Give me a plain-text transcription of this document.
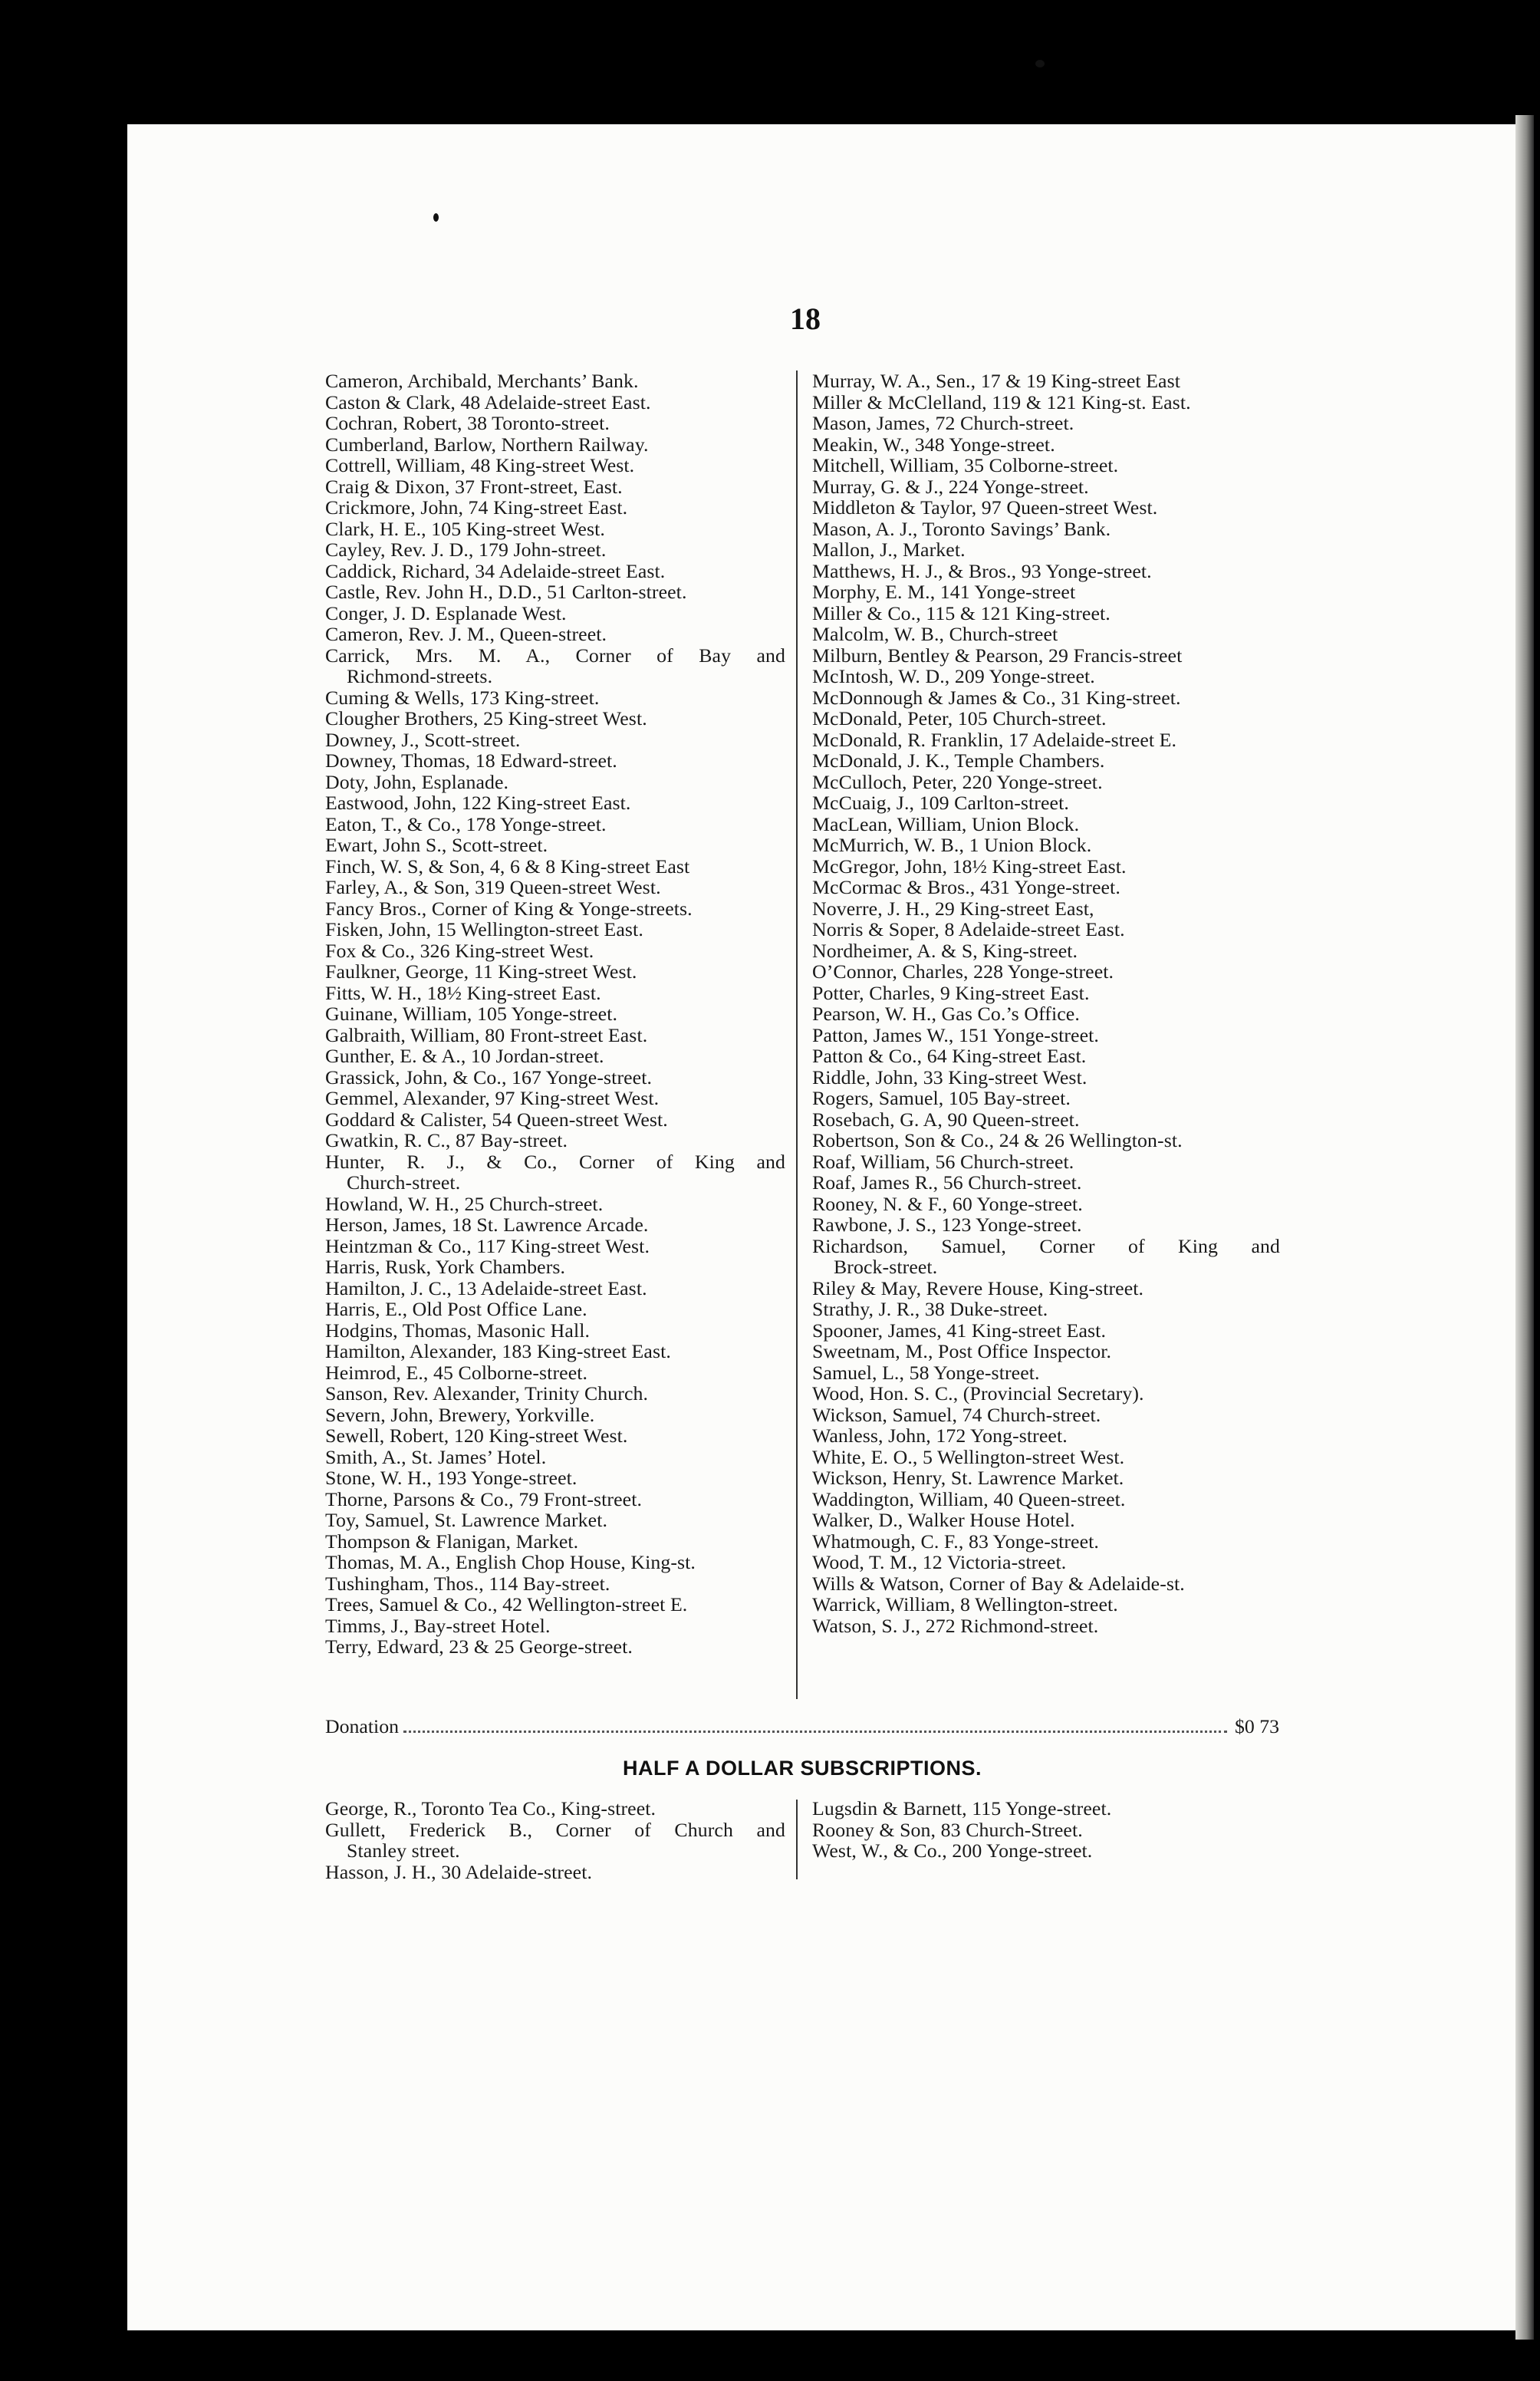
18
Cameron, Archibald, Merchants’ Bank.
Caston & Clark, 48 Adelaide-street East.
Cochran, Robert, 38 Toronto-street.
Cumberland, Barlow, Northern Railway.
Cottrell, William, 48 King-street West.
Craig & Dixon, 37 Front-street, East.
Crickmore, John, 74 King-street East.
Clark, H. E., 105 King-street West.
Cayley, Rev. J. D., 179 John-street.
Caddick, Richard, 34 Adelaide-street East.
Castle, Rev. John H., D.D., 51 Carlton-street.
Conger, J. D. Esplanade West.
Cameron, Rev. J. M., Queen-street.
Carrick, Mrs. M. A., Corner of Bay and
Richmond-streets.
Cuming & Wells, 173 King-street.
Clougher Brothers, 25 King-street West.
Downey, J., Scott-street.
Downey, Thomas, 18 Edward-street.
Doty, John, Esplanade.
Eastwood, John, 122 King-street East.
Eaton, T., & Co., 178 Yonge-street.
Ewart, John S., Scott-street.
Finch, W. S, & Son, 4, 6 & 8 King-street East
Farley, A., & Son, 319 Queen-street West.
Fancy Bros., Corner of King & Yonge-streets.
Fisken, John, 15 Wellington-street East.
Fox & Co., 326 King-street West.
Faulkner, George, 11 King-street West.
Fitts, W. H., 18½ King-street East.
Guinane, William, 105 Yonge-street.
Galbraith, William, 80 Front-street East.
Gunther, E. & A., 10 Jordan-street.
Grassick, John, & Co., 167 Yonge-street.
Gemmel, Alexander, 97 King-street West.
Goddard & Calister, 54 Queen-street West.
Gwatkin, R. C., 87 Bay-street.
Hunter, R. J., & Co., Corner of King and
Church-street.
Howland, W. H., 25 Church-street.
Herson, James, 18 St. Lawrence Arcade.
Heintzman & Co., 117 King-street West.
Harris, Rusk, York Chambers.
Hamilton, J. C., 13 Adelaide-street East.
Harris, E., Old Post Office Lane.
Hodgins, Thomas, Masonic Hall.
Hamilton, Alexander, 183 King-street East.
Heimrod, E., 45 Colborne-street.
Sanson, Rev. Alexander, Trinity Church.
Severn, John, Brewery, Yorkville.
Sewell, Robert, 120 King-street West.
Smith, A., St. James’ Hotel.
Stone, W. H., 193 Yonge-street.
Thorne, Parsons & Co., 79 Front-street.
Toy, Samuel, St. Lawrence Market.
Thompson & Flanigan, Market.
Thomas, M. A., English Chop House, King-st.
Tushingham, Thos., 114 Bay-street.
Trees, Samuel & Co., 42 Wellington-street E.
Timms, J., Bay-street Hotel.
Terry, Edward, 23 & 25 George-street.
Murray, W. A., Sen., 17 & 19 King-street East
Miller & McClelland, 119 & 121 King-st. East.
Mason, James, 72 Church-street.
Meakin, W., 348 Yonge-street.
Mitchell, William, 35 Colborne-street.
Murray, G. & J., 224 Yonge-street.
Middleton & Taylor, 97 Queen-street West.
Mason, A. J., Toronto Savings’ Bank.
Mallon, J., Market.
Matthews, H. J., & Bros., 93 Yonge-street.
Morphy, E. M., 141 Yonge-street
Miller & Co., 115 & 121 King-street.
Malcolm, W. B., Church-street
Milburn, Bentley & Pearson, 29 Francis-street
McIntosh, W. D., 209 Yonge-street.
McDonnough & James & Co., 31 King-street.
McDonald, Peter, 105 Church-street.
McDonald, R. Franklin, 17 Adelaide-street E.
McDonald, J. K., Temple Chambers.
McCulloch, Peter, 220 Yonge-street.
McCuaig, J., 109 Carlton-street.
MacLean, William, Union Block.
McMurrich, W. B., 1 Union Block.
McGregor, John, 18½ King-street East.
McCormac & Bros., 431 Yonge-street.
Noverre, J. H., 29 King-street East,
Norris & Soper, 8 Adelaide-street East.
Nordheimer, A. & S, King-street.
O’Connor, Charles, 228 Yonge-street.
Potter, Charles, 9 King-street East.
Pearson, W. H., Gas Co.’s Office.
Patton, James W., 151 Yonge-street.
Patton & Co., 64 King-street East.
Riddle, John, 33 King-street West.
Rogers, Samuel, 105 Bay-street.
Rosebach, G. A, 90 Queen-street.
Robertson, Son & Co., 24 & 26 Wellington-st.
Roaf, William, 56 Church-street.
Roaf, James R., 56 Church-street.
Rooney, N. & F., 60 Yonge-street.
Rawbone, J. S., 123 Yonge-street.
Richardson, Samuel, Corner of King and
Brock-street.
Riley & May, Revere House, King-street.
Strathy, J. R., 38 Duke-street.
Spooner, James, 41 King-street East.
Sweetnam, M., Post Office Inspector.
Samuel, L., 58 Yonge-street.
Wood, Hon. S. C., (Provincial Secretary).
Wickson, Samuel, 74 Church-street.
Wanless, John, 172 Yong-street.
White, E. O., 5 Wellington-street West.
Wickson, Henry, St. Lawrence Market.
Waddington, William, 40 Queen-street.
Walker, D., Walker House Hotel.
Whatmough, C. F., 83 Yonge-street.
Wood, T. M., 12 Victoria-street.
Wills & Watson, Corner of Bay & Adelaide-st.
Warrick, William, 8 Wellington-street.
Watson, S. J., 272 Richmond-street.
Donation	$0 73
HALF A DOLLAR SUBSCRIPTIONS.
George, R., Toronto Tea Co., King-street.
Gullett, Frederick B., Corner of Church and
Stanley street.
Hasson, J. H., 30 Adelaide-street.
Lugsdin & Barnett, 115 Yonge-street.
Rooney & Son, 83 Church-Street.
West, W., & Co., 200 Yonge-street.
